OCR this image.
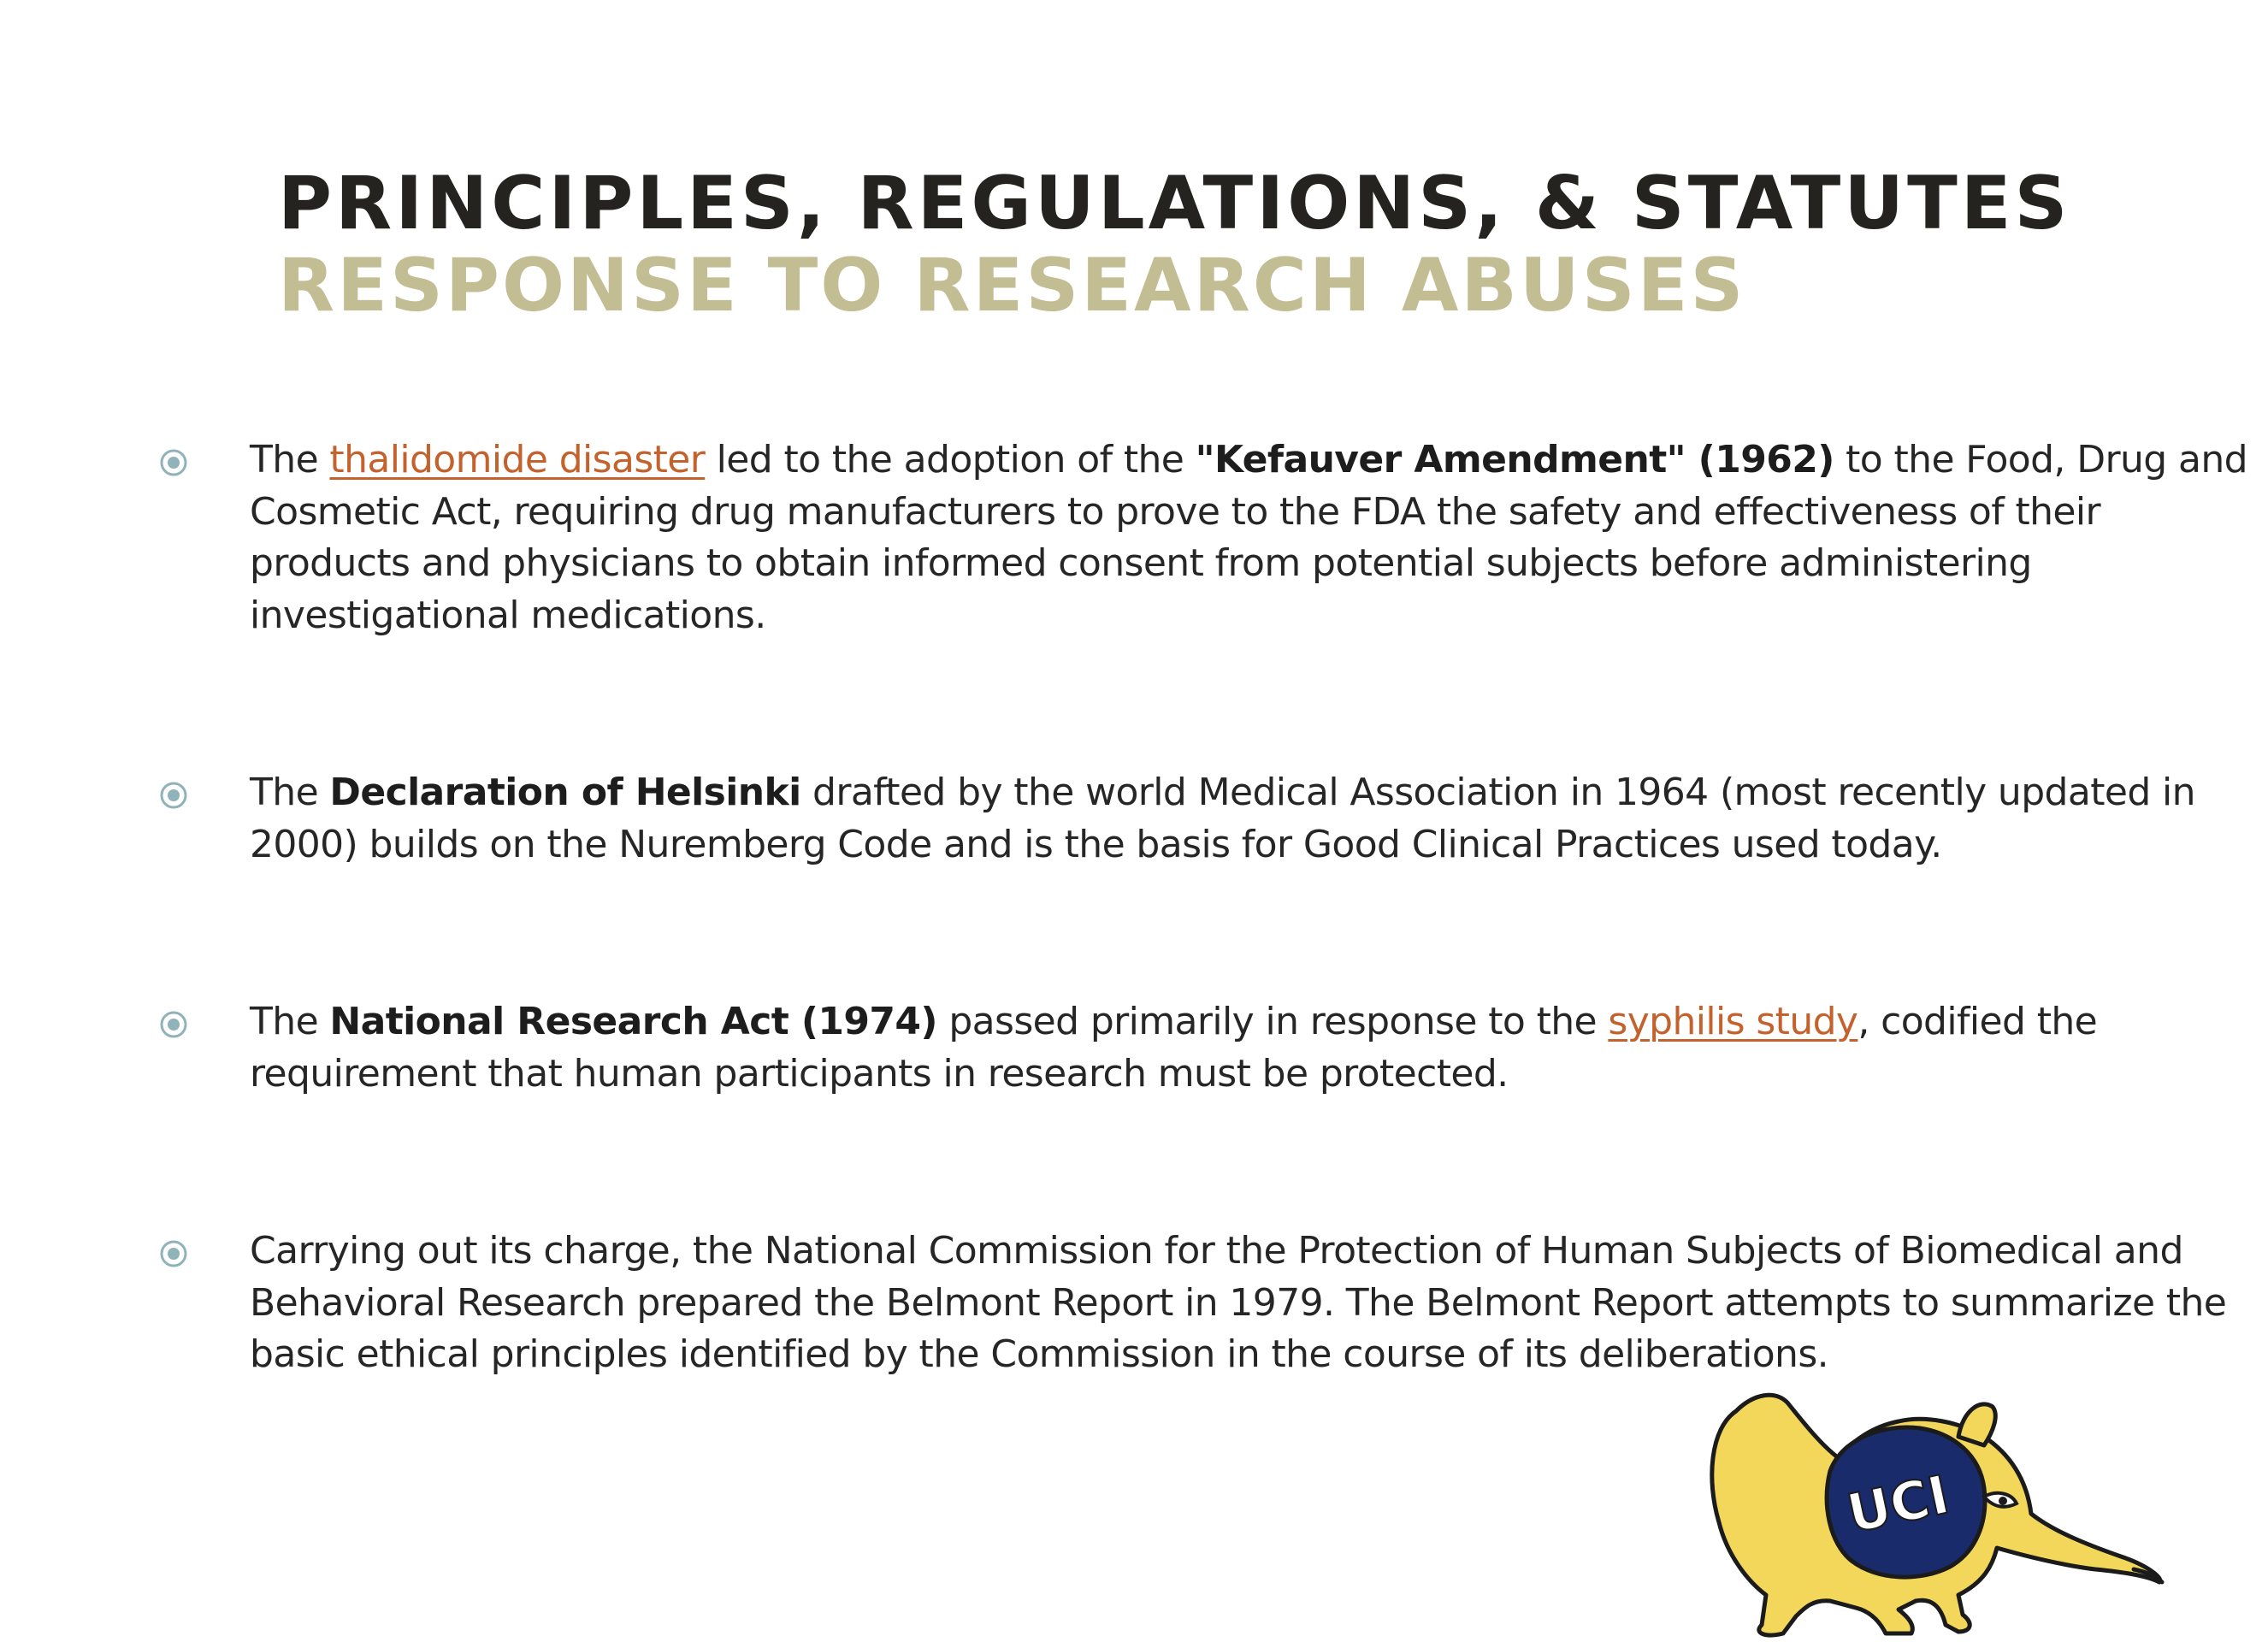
PRINCIPLES, REGULATIONS, & STATUTES
RESPONSE TO RESEARCH ABUSES
The thalidomide disaster led to the adoption of the "Kefauver Amendment" (1962) to the Food, Drug and Cosmetic Act, requiring drug manufacturers to prove to the FDA the safety and effectiveness of their products and physicians to obtain informed consent from potential subjects before administering investigational medications.
The Declaration of Helsinki drafted by the world Medical Association in 1964 (most recently updated in 2000) builds on the Nuremberg Code and is the basis for Good Clinical Practices used today.
The National Research Act (1974) passed primarily in response to the syphilis study, codified the requirement that human participants in research must be protected.
Carrying out its charge, the National Commission for the Protection of Human Subjects of Biomedical and Behavioral Research prepared the Belmont Report in 1979. The Belmont Report attempts to summarize the basic ethical principles identified by the Commission in the course of its deliberations.
UCI
